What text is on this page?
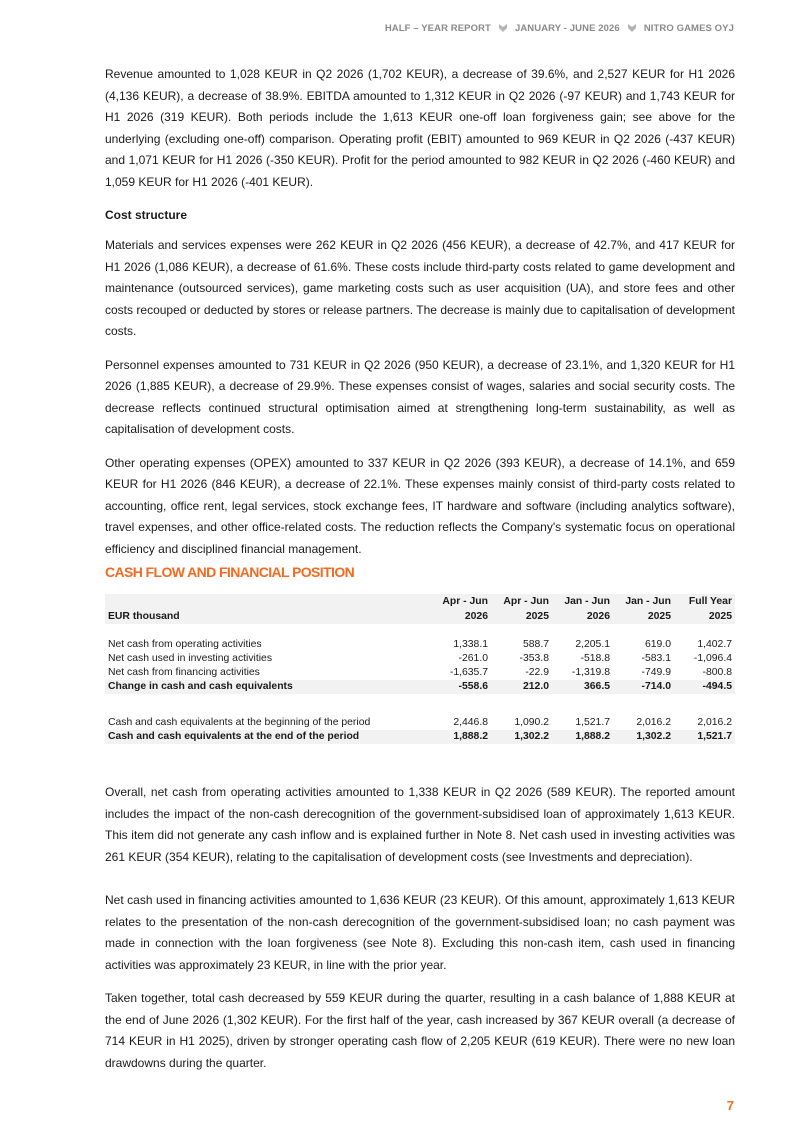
HALF – YEAR REPORT	JANUARY - JUNE 2026	NITRO GAMES OYJ

Revenue amounted to 1,028 KEUR in Q2 2026 (1,702 KEUR), a decrease of 39.6%, and 2,527 KEUR for H1 2026 (4,136 KEUR), a decrease of 38.9%. EBITDA amounted to 1,312 KEUR in Q2 2026 (-97 KEUR) and 1,743 KEUR for H1 2026 (319 KEUR). Both periods include the 1,613 KEUR one-off loan forgiveness gain; see above for the underlying (excluding one-off) comparison. Operating profit (EBIT) amounted to 969 KEUR in Q2 2026 (-437 KEUR) and 1,071 KEUR for H1 2026 (-350 KEUR). Profit for the period amounted to 982 KEUR in Q2 2026 (-460 KEUR) and 1,059 KEUR for H1 2026 (-401 KEUR).

Cost structure

Materials and services expenses were 262 KEUR in Q2 2026 (456 KEUR), a decrease of 42.7%, and 417 KEUR for H1 2026 (1,086 KEUR), a decrease of 61.6%. These costs include third-party costs related to game development and maintenance (outsourced services), game marketing costs such as user acquisition (UA), and store fees and other costs recouped or deducted by stores or release partners. The decrease is mainly due to capitalisation of development costs.

Personnel expenses amounted to 731 KEUR in Q2 2026 (950 KEUR), a decrease of 23.1%, and 1,320 KEUR for H1 2026 (1,885 KEUR), a decrease of 29.9%. These expenses consist of wages, salaries and social security costs. The decrease reflects continued structural optimisation aimed at strengthening long-term sustainability, as well as capitalisation of development costs.

Other operating expenses (OPEX) amounted to 337 KEUR in Q2 2026 (393 KEUR), a decrease of 14.1%, and 659 KEUR for H1 2026 (846 KEUR), a decrease of 22.1%. These expenses mainly consist of third-party costs related to accounting, office rent, legal services, stock exchange fees, IT hardware and software (including analytics software), travel expenses, and other office-related costs. The reduction reflects the Company's systematic focus on operational efficiency and disciplined financial management.

CASH FLOW AND FINANCIAL POSITION
	Apr - Jun	Apr - Jun	Jan - Jun	Jan - Jun	Full Year
EUR thousand	2026	2025	2026	2025	2025

Net cash from operating activities	1,338.1	588.7	2,205.1	619.0	1,402.7
Net cash used in investing activities	-261.0	-353.8	-518.8	-583.1	-1,096.4
Net cash from financing activities	-1,635.7	-22.9	-1,319.8	-749.9	-800.8
Change in cash and cash equivalents	-558.6	212.0	366.5	-714.0	-494.5

Cash and cash equivalents at the beginning of the period	2,446.8	1,090.2	1,521.7	2,016.2	2,016.2
Cash and cash equivalents at the end of the period	1,888.2	1,302.2	1,888.2	1,302.2	1,521.7

Overall, net cash from operating activities amounted to 1,338 KEUR in Q2 2026 (589 KEUR). The reported amount includes the impact of the non-cash derecognition of the government-subsidised loan of approximately 1,613 KEUR. This item did not generate any cash inflow and is explained further in Note 8. Net cash used in investing activities was 261 KEUR (354 KEUR), relating to the capitalisation of development costs (see Investments and depreciation).

Net cash used in financing activities amounted to 1,636 KEUR (23 KEUR). Of this amount, approximately 1,613 KEUR relates to the presentation of the non-cash derecognition of the government-subsidised loan; no cash payment was made in connection with the loan forgiveness (see Note 8). Excluding this non-cash item, cash used in financing activities was approximately 23 KEUR, in line with the prior year.

Taken together, total cash decreased by 559 KEUR during the quarter, resulting in a cash balance of 1,888 KEUR at the end of June 2026 (1,302 KEUR). For the first half of the year, cash increased by 367 KEUR overall (a decrease of 714 KEUR in H1 2025), driven by stronger operating cash flow of 2,205 KEUR (619 KEUR). There were no new loan drawdowns during the quarter.

7
